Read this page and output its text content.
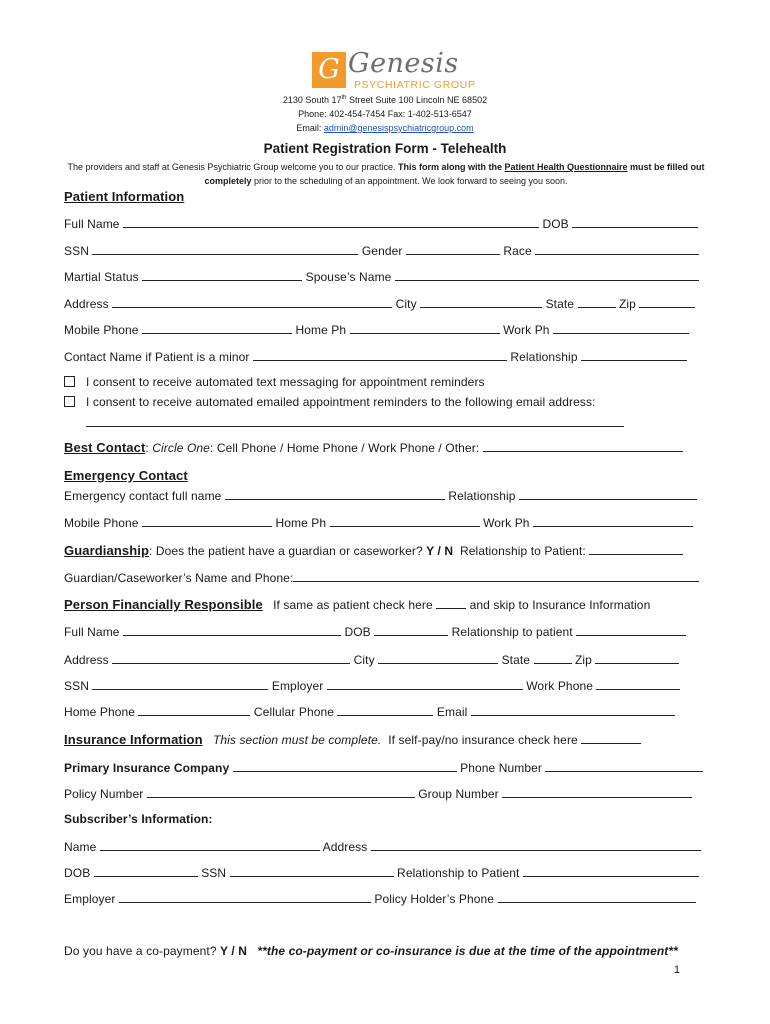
G Genesis
PSYCHIATRIC GROUP
2130 South 17th Street Suite 100 Lincoln NE 68502
Phone: 402-454-7454 Fax: 1-402-513-6547
Email: admin@genesispsychiatricgroup.com
Patient Registration Form - Telehealth
The providers and staff at Genesis Psychiatric Group welcome you to our practice. This form along with the Patient Health Questionnaire must be filled out
completely prior to the scheduling of an appointment. We look forward to seeing you soon.
Patient Information
Full Name	DOB
SSN	Gender	Race
Martial Status	Spouse’s Name
Address	City	State	Zip
Mobile Phone	Home Ph	Work Ph
Contact Name if Patient is a minor	Relationship
I consent to receive automated text messaging for appointment reminders
I consent to receive automated emailed appointment reminders to the following email address:
Best Contact: Circle One: Cell Phone / Home Phone / Work Phone / Other:
Emergency Contact
Emergency contact full name	Relationship
Mobile Phone	Home Ph	Work Ph
Guardianship: Does the patient have a guardian or caseworker? Y / N Relationship to Patient:
Guardian/Caseworker’s Name and Phone:
Person Financially Responsible If same as patient check here	and skip to Insurance Information
Full Name	DOB	Relationship to patient
Address	City	State	Zip
SSN	Employer	Work Phone
Home Phone	Cellular Phone	Email
Insurance Information This section must be complete. If self-pay/no insurance check here
Primary Insurance Company	Phone Number
Policy Number	Group Number
Subscriber’s Information:
Name	Address
DOB	SSN	Relationship to Patient
Employer	Policy Holder’s Phone
Do you have a co-payment? Y / N **the co-payment or co-insurance is due at the time of the appointment**
1
